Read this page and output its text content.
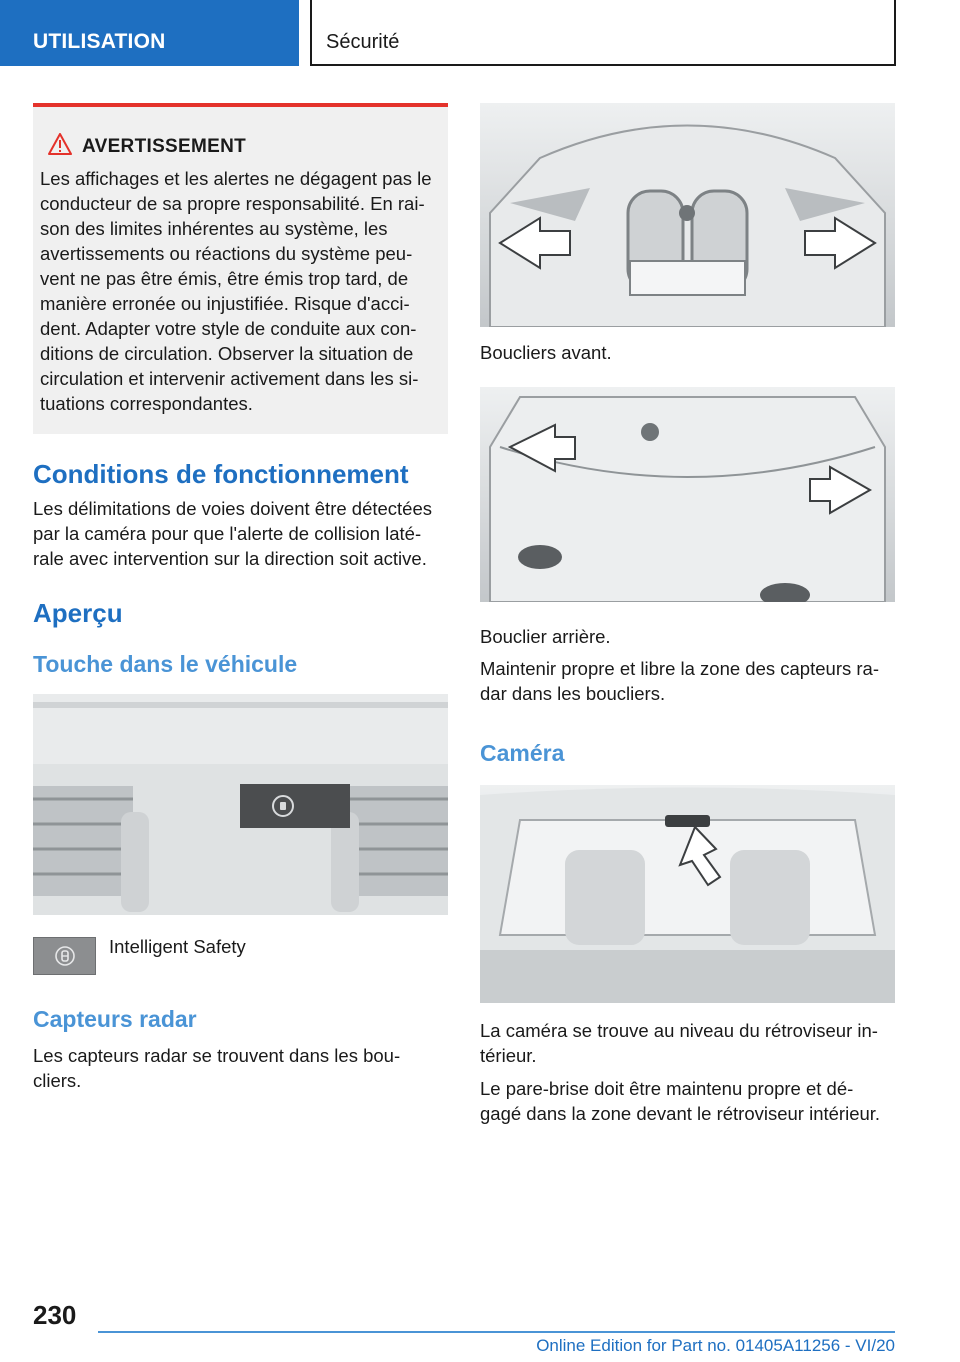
UTILISATION	Sécurité
AVERTISSEMENT
Les affichages et les alertes ne dégagent pas le
conducteur de sa propre responsabilité. En rai-
son des limites inhérentes au système, les
avertissements ou réactions du système peu-
vent ne pas être émis, être émis trop tard, de
manière erronée ou injustifiée. Risque d'acci-
dent. Adapter votre style de conduite aux con-
ditions de circulation. Observer la situation de
circulation et intervenir activement dans les si-
tuations correspondantes.
Conditions de fonctionnement
Les délimitations de voies doivent être détectées
par la caméra pour que l'alerte de collision laté-
rale avec intervention sur la direction soit active.
Aperçu
Touche dans le véhicule
Intelligent Safety
Capteurs radar
Les capteurs radar se trouvent dans les bou-
cliers.
Boucliers avant.
Bouclier arrière.
Maintenir propre et libre la zone des capteurs ra-
dar dans les boucliers.
Caméra
La caméra se trouve au niveau du rétroviseur in-
térieur.
Le pare-brise doit être maintenu propre et dé-
gagé dans la zone devant le rétroviseur intérieur.
230
Online Edition for Part no. 01405A11256 - VI/20
